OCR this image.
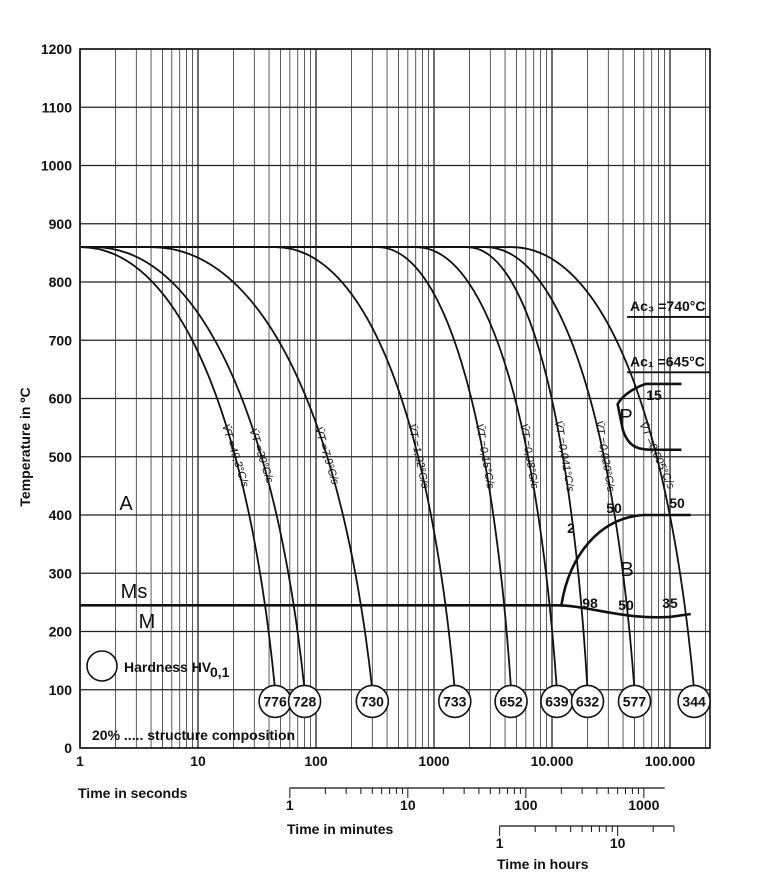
0
100
200
300
400
500
600
700
800
900
1000
1100
1200
1	10	100	1000	10.000	100.000
1	10	100	1000
1	10
V̄T =49,3°C/s
V̄T =30°C/s	V̄T =7,9°C/s	V̄T =1,02°C/s	V̄T =0,15°C/s V̄T =0,08°C/s V̄T =0,041°C/s V̄T =0,020°C/s V̄T =0,005°C/s
Ac₃ =740°C
Ac₁ =645°C
A
P
B
M
Ms
15
50
2
50
98 50 35
Hardness HV
0,1
20% ..... structure composition
776 728	730	733 652 639 632 577	344
Temperature in ºC
Time in seconds
Time in minutes
Time in hours
